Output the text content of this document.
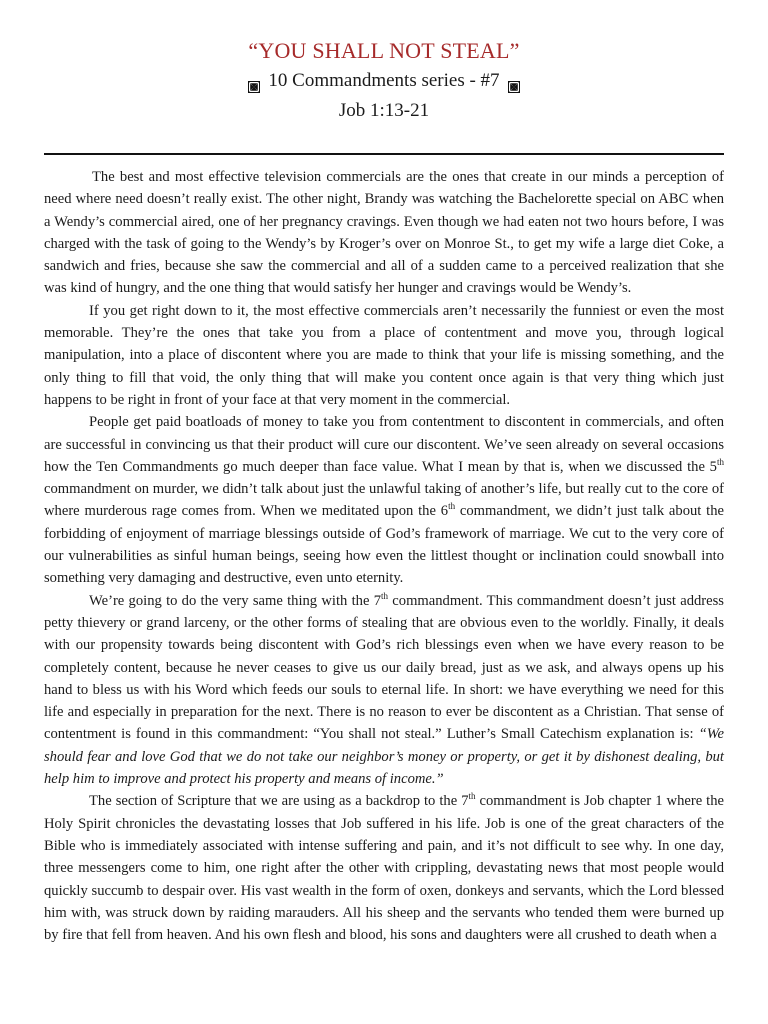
“YOU SHALL NOT STEAL”
10 Commandments series - #7
Job 1:13-21

The best and most effective television commercials are the ones that create in our minds a perception of need where need doesn’t really exist. The other night, Brandy was watching the Bachelorette special on ABC when a Wendy’s commercial aired, one of her pregnancy cravings. Even though we had eaten not two hours before, I was charged with the task of going to the Wendy’s by Kroger’s over on Monroe St., to get my wife a large diet Coke, a sandwich and fries, because she saw the commercial and all of a sudden came to a perceived realization that she was kind of hungry, and the one thing that would satisfy her hunger and cravings would be Wendy’s.

If you get right down to it, the most effective commercials aren’t necessarily the funniest or even the most memorable. They’re the ones that take you from a place of contentment and move you, through logical manipulation, into a place of discontent where you are made to think that your life is missing something, and the only thing to fill that void, the only thing that will make you content once again is that very thing which just happens to be right in front of your face at that very moment in the commercial.

People get paid boatloads of money to take you from contentment to discontent in commercials, and often are successful in convincing us that their product will cure our discontent. We’ve seen already on several occasions how the Ten Commandments go much deeper than face value. What I mean by that is, when we discussed the 5th commandment on murder, we didn’t talk about just the unlawful taking of another’s life, but really cut to the core of where murderous rage comes from. When we meditated upon the 6th commandment, we didn’t just talk about the forbidding of enjoyment of marriage blessings outside of God’s framework of marriage. We cut to the very core of our vulnerabilities as sinful human beings, seeing how even the littlest thought or inclination could snowball into something very damaging and destructive, even unto eternity.

We’re going to do the very same thing with the 7th commandment. This commandment doesn’t just address petty thievery or grand larceny, or the other forms of stealing that are obvious even to the worldly. Finally, it deals with our propensity towards being discontent with God’s rich blessings even when we have every reason to be completely content, because he never ceases to give us our daily bread, just as we ask, and always opens up his hand to bless us with his Word which feeds our souls to eternal life. In short: we have everything we need for this life and especially in preparation for the next. There is no reason to ever be discontent as a Christian. That sense of contentment is found in this commandment: “You shall not steal.” Luther’s Small Catechism explanation is: “We should fear and love God that we do not take our neighbor’s money or property, or get it by dishonest dealing, but help him to improve and protect his property and means of income.”

The section of Scripture that we are using as a backdrop to the 7th commandment is Job chapter 1 where the Holy Spirit chronicles the devastating losses that Job suffered in his life. Job is one of the great characters of the Bible who is immediately associated with intense suffering and pain, and it’s not difficult to see why. In one day, three messengers come to him, one right after the other with crippling, devastating news that most people would quickly succumb to despair over. His vast wealth in the form of oxen, donkeys and servants, which the Lord blessed him with, was struck down by raiding marauders. All his sheep and the servants who tended them were burned up by fire that fell from heaven. And his own flesh and blood, his sons and daughters were all crushed to death when a
